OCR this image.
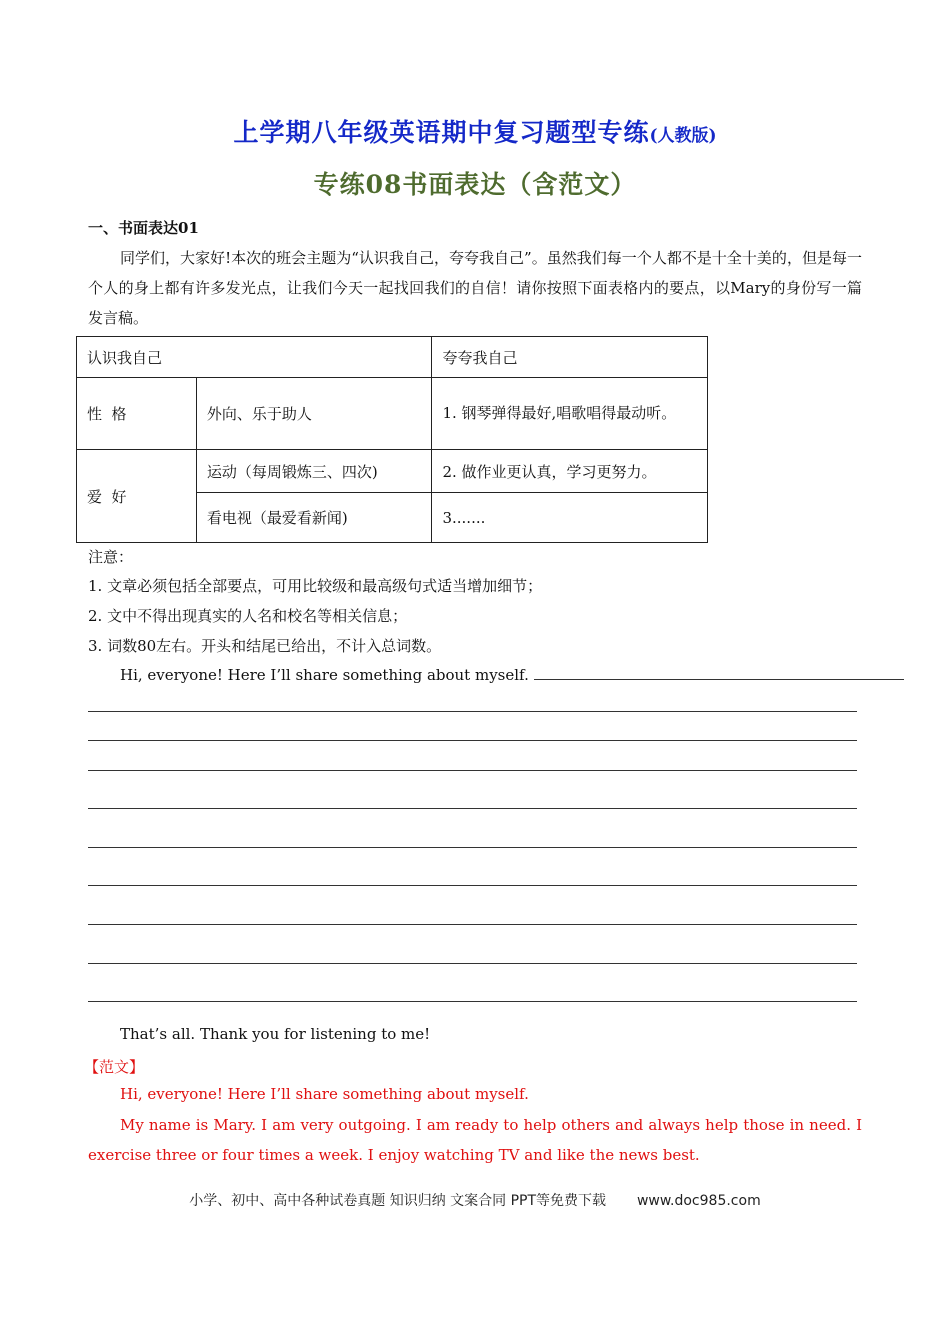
上学期八年级英语期中复习题型专练(人教版)
专练08书面表达（含范文）
一、书面表达01
同学们，大家好!本次的班会主题为“认识我自己，夸夸我自己”。虽然我们每一个人都不是十全十美的，但是每一个人的身上都有许多发光点，让我们今天一起找回我们的自信！请你按照下面表格内的要点，以Mary的身份写一篇发言稿。
认识我自己		夸夸我自己
性  格	外向、乐于助人	1. 钢琴弹得最好,唱歌唱得最动听。
爱  好	运动（每周锻炼三、四次)	2. 做作业更认真，学习更努力。
	看电视（最爱看新闻)	3.......
注意：
1. 文章必须包括全部要点，可用比较级和最高级句式适当增加细节；
2. 文中不得出现真实的人名和校名等相关信息；
3. 词数80左右。开头和结尾已给出，不计入总词数。
Hi, everyone! Here I’ll share something about myself.
That’s all. Thank you for listening to me!
【范文】
Hi, everyone! Here I’ll share something about myself.
My name is Mary. I am very outgoing. I am ready to help others and always help those in need. I exercise three or four times a week. I enjoy watching TV and like the news best.
小学、初中、高中各种试卷真题 知识归纳 文案合同 PPT等免费下载 www.doc985.com
